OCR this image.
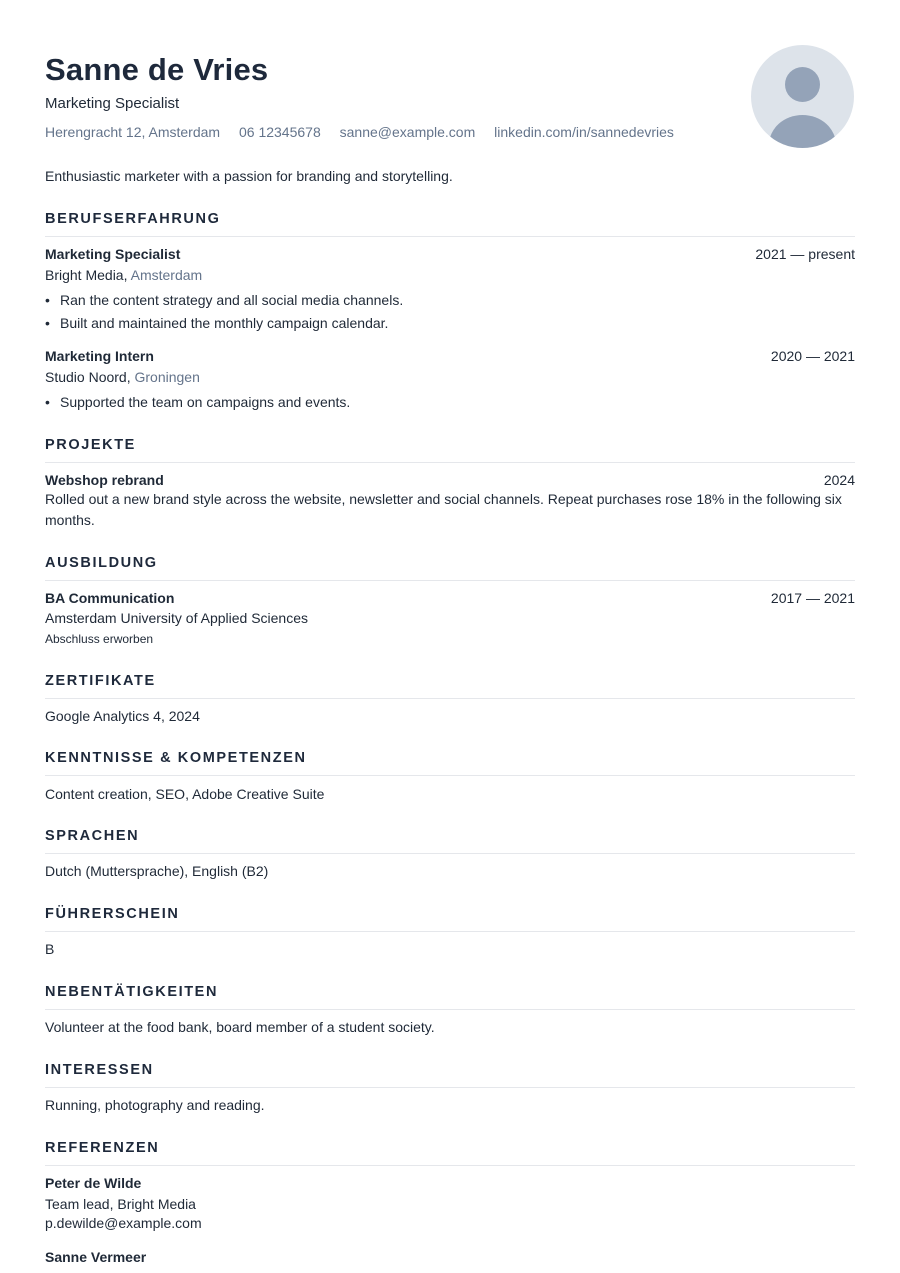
Sanne de Vries
Marketing Specialist
Herengracht 12, Amsterdam 06 12345678 sanne@example.com linkedin.com/in/sannedevries
Enthusiastic marketer with a passion for branding and storytelling.
BERUFSERFAHRUNG
Marketing Specialist	2021 — present
Bright Media, Amsterdam
• Ran the content strategy and all social media channels.
• Built and maintained the monthly campaign calendar.
Marketing Intern	2020 — 2021
Studio Noord, Groningen
• Supported the team on campaigns and events.
PROJEKTE
Webshop rebrand	2024
Rolled out a new brand style across the website, newsletter and social channels. Repeat purchases rose 18% in the following six months.
AUSBILDUNG
BA Communication	2017 — 2021
Amsterdam University of Applied Sciences
Abschluss erworben
ZERTIFIKATE
Google Analytics 4, 2024
KENNTNISSE & KOMPETENZEN
Content creation, SEO, Adobe Creative Suite
SPRACHEN
Dutch (Muttersprache), English (B2)
FÜHRERSCHEIN
B
NEBENTÄTIGKEITEN
Volunteer at the food bank, board member of a student society.
INTERESSEN
Running, photography and reading.
REFERENZEN
Peter de Wilde
Team lead, Bright Media
p.dewilde@example.com
Sanne Vermeer
